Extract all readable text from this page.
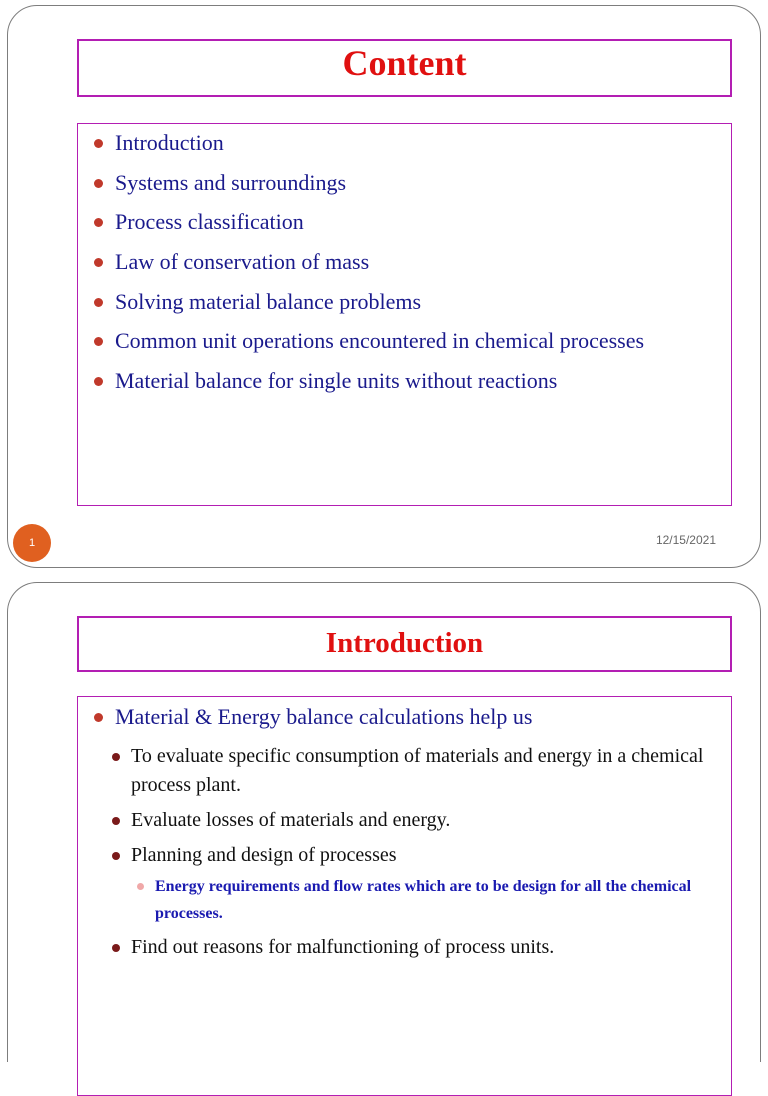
Content
Introduction
Systems and surroundings
Process classification
Law of conservation of mass
Solving material balance problems
Common unit operations encountered in chemical processes
Material balance for single units without reactions
1	12/15/2021
Introduction
Material & Energy balance calculations help us
To evaluate specific consumption of materials and energy in a chemical process plant.
Evaluate losses of materials and energy.
Planning and design of processes
Energy requirements and flow rates which are to be design for all the chemical processes.
Find out reasons for malfunctioning of process units.
